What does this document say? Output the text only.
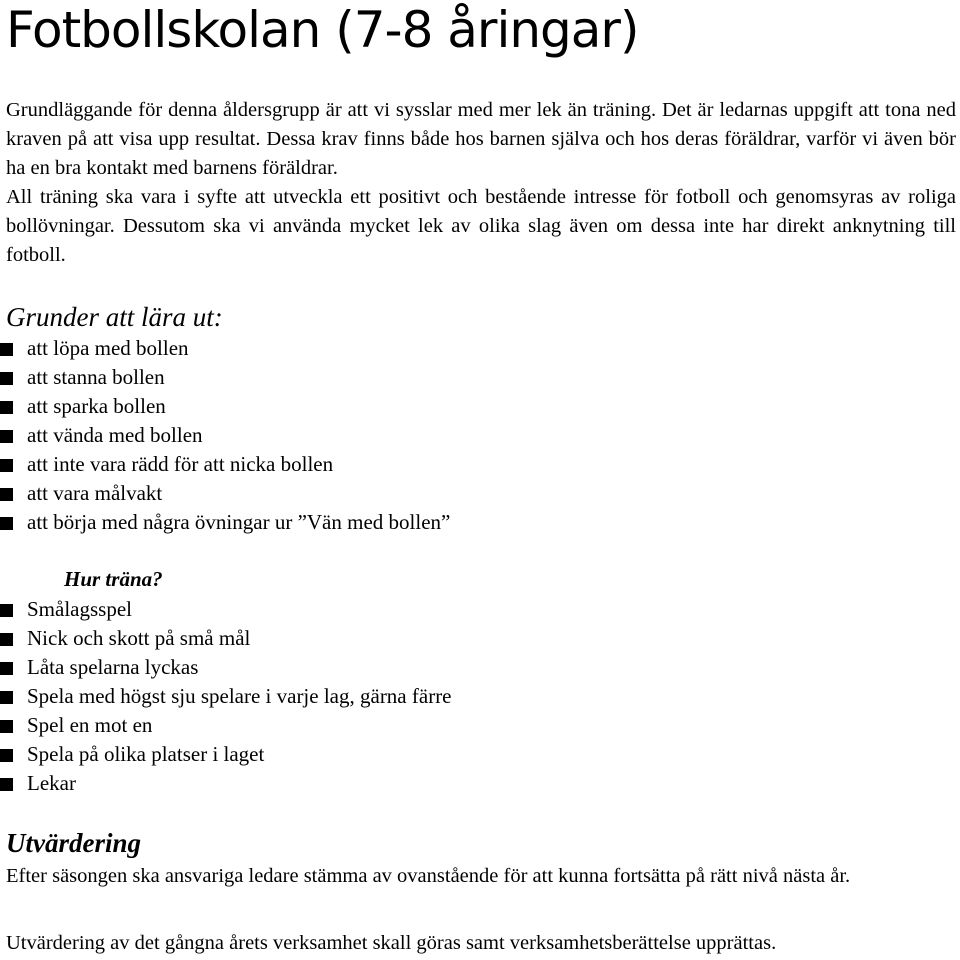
Fotbollskolan (7-8 åringar)

Grundläggande för denna åldersgrupp är att vi sysslar med mer lek än träning. Det är ledarnas uppgift att tona ned kraven på att visa upp resultat. Dessa krav finns både hos barnen själva och hos deras föräldrar, varför vi även bör ha en bra kontakt med barnens föräldrar.

All träning ska vara i syfte att utveckla ett positivt och bestående intresse för fotboll och genomsyras av roliga bollövningar. Dessutom ska vi använda mycket lek av olika slag även om dessa inte har direkt anknytning till fotboll.

Grunder att lära ut:
att löpa med bollen
att stanna bollen
att sparka bollen
att vända med bollen
att inte vara rädd för att nicka bollen
att vara målvakt
att börja med några övningar ur ”Vän med bollen”
Hur träna?
Smålagsspel
Nick och skott på små mål
Låta spelarna lyckas
Spela med högst sju spelare i varje lag, gärna färre
Spel en mot en
Spela på olika platser i laget
Lekar
Utvärdering

Efter säsongen ska ansvariga ledare stämma av ovanstående för att kunna fortsätta på rätt nivå nästa år.

Utvärdering av det gångna årets verksamhet skall göras samt verksamhetsberättelse upprättas.
